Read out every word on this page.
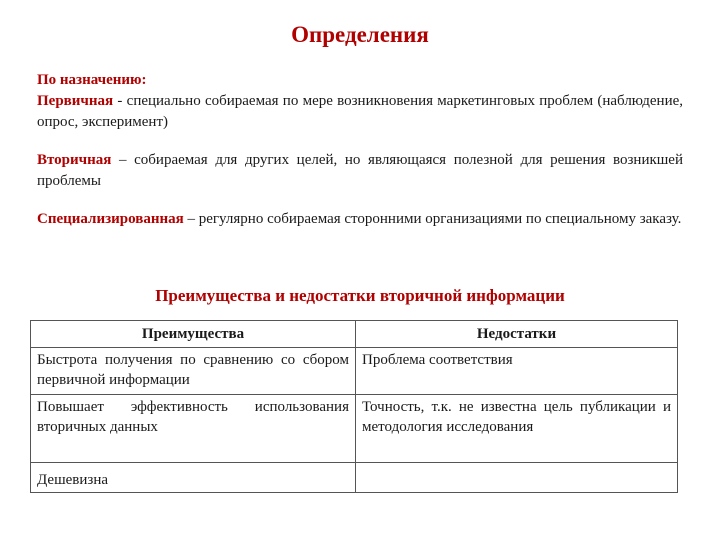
Определения
По назначению:
Первичная - специально собираемая по мере возникновения маркетинговых проблем (наблюдение, опрос, эксперимент)
Вторичная – собираемая для других целей, но являющаяся полезной для решения возникшей проблемы
Специализированная – регулярно собираемая сторонними организациями по специальному заказу.
Преимущества и недостатки вторичной информации
Преимущества	Недостатки
Быстрота получения по сравнению со сбором первичной информации	Проблема соответствия
Повышает эффективность использования вторичных данных	Точность, т.к. не известна цель публикации и методология исследования
Дешевизна	
